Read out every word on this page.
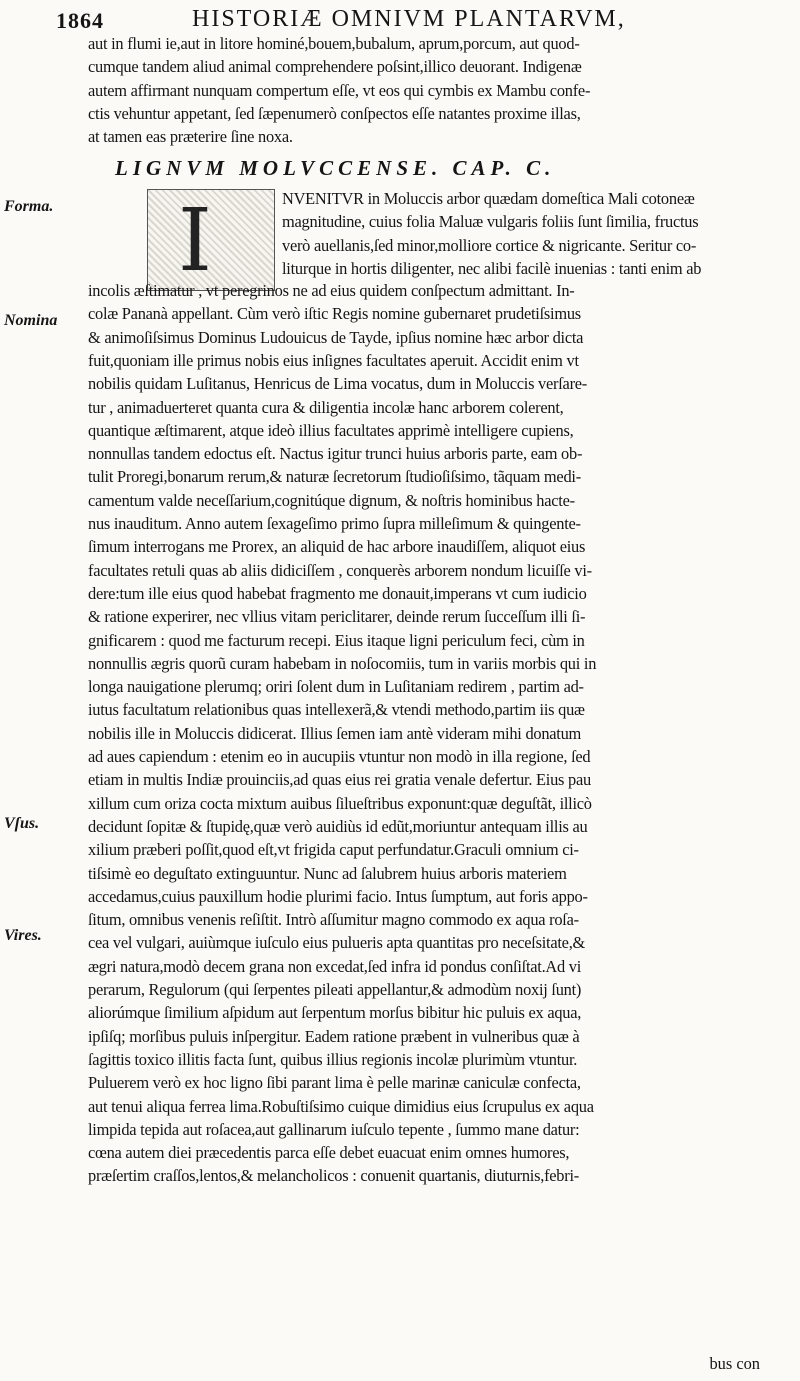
1864	HISTORIÆ OMNIVM PLANTARVM,
aut in flumi ie,aut in litore hominé,bouem,bubalum, aprum,porcum, aut quod-
cumque tandem aliud animal comprehendere poſsint,illico deuorant. Indigenæ
autem affirmant nunquam compertum eſſe, vt eos qui cymbis ex Mambu confe-
ctis vehuntur appetant, ſed ſæpenumerò conſpectos eſſe natantes proxime illas,
at tamen eas præterire ſine noxa.
LIGNVM MOLVCCENSE. CAP. C.
I	NVENITVR in Moluccis arbor quædam domeſtica Mali cotoneæ
magnitudine, cuius folia Maluæ vulgaris foliis ſunt ſimilia, fructus
verò auellanis,ſed minor,molliore cortice & nigricante. Seritur co-
liturque in hortis diligenter, nec alibi facilè inuenias : tanti enim ab
incolis æſtimatur , vt peregrinos ne ad eius quidem conſpectum admittant. In-
colæ Pananà appellant. Cùm verò iſtic Regis nomine gubernaret prudetiſsimus
& animoſiſsimus Dominus Ludouicus de Tayde, ipſius nomine hæc arbor dicta
fuit,quoniam ille primus nobis eius inſignes facultates aperuit. Accidit enim vt
nobilis quidam Luſitanus, Henricus de Lima vocatus, dum in Moluccis verſare-
tur , animaduerteret quanta cura & diligentia incolæ hanc arborem colerent,
quantique æſtimarent, atque ideò illius facultates apprimè intelligere cupiens,
nonnullas tandem edoctus eſt. Nactus igitur trunci huius arboris parte, eam ob-
tulit Proregi,bonarum rerum,& naturæ ſecretorum ſtudioſiſsimo, tãquam medi-
camentum valde neceſſarium,cognitúque dignum, & noſtris hominibus hacte-
nus inauditum. Anno autem ſexageſimo primo ſupra milleſimum & quingente-
ſimum interrogans me Prorex, an aliquid de hac arbore inaudiſſem, aliquot eius
facultates retuli quas ab aliis didiciſſem , conquerès arborem nondum licuiſſe vi-
dere:tum ille eius quod habebat fragmento me donauit,imperans vt cum iudicio
& ratione experirer, nec vllius vitam periclitarer, deinde rerum ſucceſſum illi ſi-
gnificarem : quod me facturum recepi. Eius itaque ligni periculum feci, cùm in
nonnullis ægris quorũ curam habebam in noſocomiis, tum in variis morbis qui in
longa nauigatione plerumq; oriri ſolent dum in Luſitaniam redirem , partim ad-
iutus facultatum relationibus quas intellexerã,& vtendi methodo,partim iis quæ
nobilis ille in Moluccis didicerat. Illius ſemen iam antè videram mihi donatum
ad aues capiendum : etenim eo in aucupiis vtuntur non modò in illa regione, ſed
etiam in multis Indiæ prouinciis,ad quas eius rei gratia venale defertur. Eius pau
xillum cum oriza cocta mixtum auibus ſilueſtribus exponunt:quæ deguſtãt, illicò
decidunt ſopitæ & ſtupidę,quæ verò auidiùs id edũt,moriuntur antequam illis au
xilium præberi poſſit,quod eſt,vt frigida caput perfundatur.Graculi omnium ci-
tiſsimè eo deguſtato extinguuntur. Nunc ad ſalubrem huius arboris materiem
accedamus,cuius pauxillum hodie plurimi facio. Intus ſumptum, aut foris appo-
ſitum, omnibus venenis reſiſtit. Intrò aſſumitur magno commodo ex aqua roſa-
cea vel vulgari, auiùmque iuſculo eius pulueris apta quantitas pro neceſsitate,&
ægri natura,modò decem grana non excedat,ſed infra id pondus conſiſtat.Ad vi
perarum, Regulorum (qui ſerpentes pileati appellantur,& admodùm noxij ſunt)
aliorúmque ſimilium aſpidum aut ſerpentum morſus bibitur hic puluis ex aqua,
ipſiſq; morſibus puluis inſpergitur. Eadem ratione præbent in vulneribus quæ à
ſagittis toxico illitis facta ſunt, quibus illius regionis incolæ plurimùm vtuntur.
Puluerem verò ex hoc ligno ſibi parant lima è pelle marinæ caniculæ confecta,
aut tenui aliqua ferrea lima.Robuſtiſsimo cuique dimidius eius ſcrupulus ex aqua
limpida tepida aut roſacea,aut gallinarum iuſculo tepente , ſummo mane datur:
cœna autem diei præcedentis parca eſſe debet euacuat enim omnes humores,
præſertim craſſos,lentos,& melancholicos : conuenit quartanis, diuturnis,febri-
Forma.
Nomina
Vſus.
Vires.
bus con
